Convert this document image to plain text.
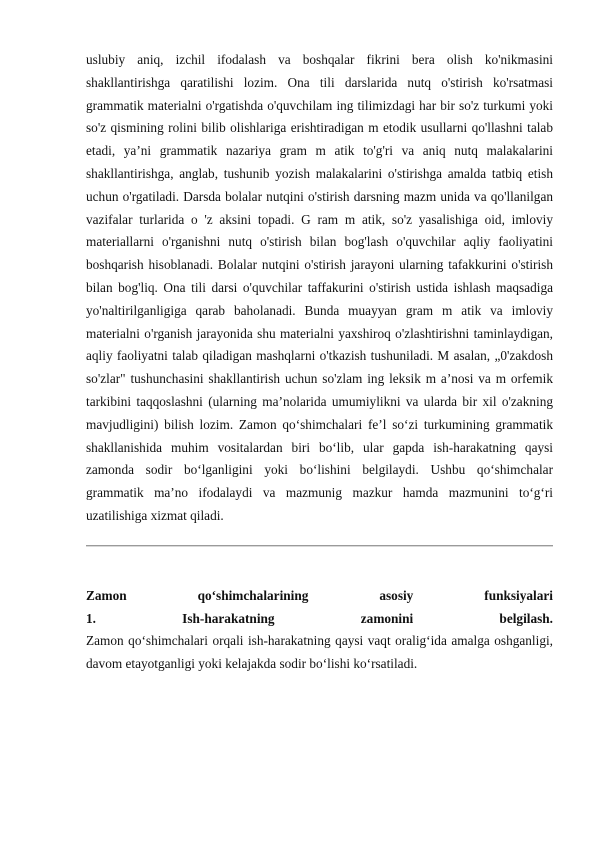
uslubiy aniq, izchil ifodalash va boshqalar fikrini bera olish ko'nikmasini shakllantirishga qaratilishi lozim. Ona tili darslarida nutq o'stirish ko'rsatmasi grammatik materialni o'rgatishda o'quvchilam ing tilimizdagi har bir so'z turkumi yoki so'z qismining rolini bilib olishlariga erishtiradigan m etodik usullarni qo'llashni talab etadi, ya’ni grammatik nazariya gram m atik to'g'ri va aniq nutq malakalarini shakllantirishga, anglab, tushunib yozish malakalarini o'stirishga amalda tatbiq etish uchun o'rgatiladi. Darsda bolalar nutqini o'stirish darsning mazm unida va qo'llanilgan vazifalar turlarida o 'z aksini topadi. G ram m atik, so'z yasalishiga oid, imloviy materiallarni o'rganishni nutq o'stirish bilan bog'lash o'quvchilar aqliy faoliyatini boshqarish hisoblanadi. Bolalar nutqini o'stirish jarayoni ularning tafakkurini o'stirish bilan bog'liq. Ona tili darsi o'quvchilar taffakurini o'stirish ustida ishlash maqsadiga yo'naltirilganligiga qarab baholanadi. Bunda muayyan gram m atik va imloviy materialni o'rganish jarayonida shu materialni yaxshiroq o'zlashtirishni taminlaydigan, aqliy faoliyatni talab qiladigan mashqlarni o'tkazish tushuniladi. M asalan, „0'zakdosh so'zlar" tushunchasini shakllantirish uchun so'zlam ing leksik m a’nosi va m orfemik tarkibini taqqoslashni (ularning ma’nolarida umumiylikni va ularda bir xil o'zakning mavjudligini) bilish lozim. Zamon qo‘shimchalari fe’l so‘zi turkumining grammatik shakllanishida muhim vositalardan biri bo‘lib, ular gapda ish-harakatning qaysi zamonda sodir bo‘lganligini yoki bo‘lishini belgilaydi. Ushbu qo‘shimchalar grammatik ma’no ifodalaydi va mazmunig mazkur hamda mazmunini to‘g‘ri uzatilishiga xizmat qiladi.

Zamon qo‘shimchalarining asosiy funksiyalari

1. Ish-harakatning zamonini belgilash.

Zamon qo‘shimchalari orqali ish-harakatning qaysi vaqt oralig‘ida amalga oshganligi, davom etayotganligi yoki kelajakda sodir bo‘lishi ko‘rsatiladi.
